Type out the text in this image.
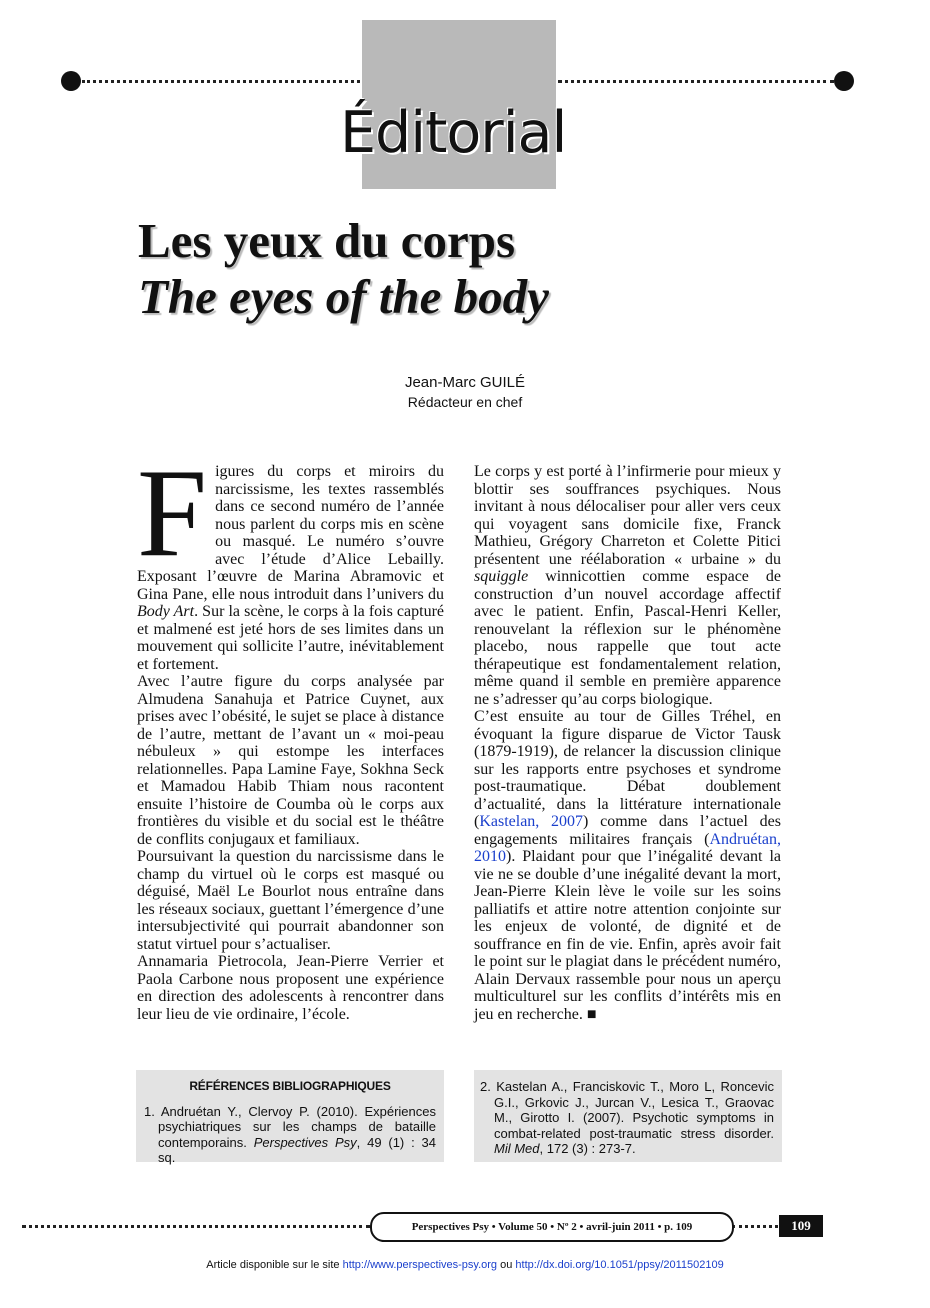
Éditorial
Les yeux du corps
The eyes of the body
Jean-Marc GUILÉ
Rédacteur en chef

Figures du corps et miroirs du narcissisme, les textes rassemblés dans ce second numéro de l’année nous parlent du corps mis en scène ou masqué. Le numéro s’ouvre avec l’étude d’Alice Lebailly. Exposant l’œuvre de Marina Abramovic et Gina Pane, elle nous introduit dans l’univers du Body Art. Sur la scène, le corps à la fois capturé et malmené est jeté hors de ses limites dans un mouvement qui sollicite l’autre, inévitablement et fortement.

Avec l’autre figure du corps analysée par Almudena Sanahuja et Patrice Cuynet, aux prises avec l’obésité, le sujet se place à distance de l’autre, mettant de l’avant un « moi-peau nébuleux » qui estompe les interfaces relationnelles. Papa Lamine Faye, Sokhna Seck et Mamadou Habib Thiam nous racontent ensuite l’histoire de Coumba où le corps aux frontières du visible et du social est le théâtre de conflits conjugaux et familiaux.

Poursuivant la question du narcissisme dans le champ du virtuel où le corps est masqué ou déguisé, Maël Le Bourlot nous entraîne dans les réseaux sociaux, guettant l’émergence d’une intersubjectivité qui pourrait abandonner son statut virtuel pour s’actualiser.

Annamaria Pietrocola, Jean-Pierre Verrier et Paola Carbone nous proposent une expérience en direction des adolescents à rencontrer dans leur lieu de vie ordinaire, l’école.

Le corps y est porté à l’infirmerie pour mieux y blottir ses souffrances psychiques. Nous invitant à nous délocaliser pour aller vers ceux qui voyagent sans domicile fixe, Franck Mathieu, Grégory Charreton et Colette Pitici présentent une réélaboration « urbaine » du squiggle winnicottien comme espace de construction d’un nouvel accordage affectif avec le patient. Enfin, Pascal-Henri Keller, renouvelant la réflexion sur le phénomène placebo, nous rappelle que tout acte thérapeutique est fondamentalement relation, même quand il semble en première apparence ne s’adresser qu’au corps biologique.

C’est ensuite au tour de Gilles Tréhel, en évoquant la figure disparue de Victor Tausk (1879-1919), de relancer la discussion clinique sur les rapports entre psychoses et syndrome post-traumatique. Débat doublement d’actualité, dans la littérature internationale (Kastelan, 2007) comme dans l’actuel des engagements militaires français (Andruétan, 2010). Plaidant pour que l’inégalité devant la vie ne se double d’une inégalité devant la mort, Jean-Pierre Klein lève le voile sur les soins palliatifs et attire notre attention conjointe sur les enjeux de volonté, de dignité et de souffrance en fin de vie. Enfin, après avoir fait le point sur le plagiat dans le précédent numéro, Alain Dervaux rassemble pour nous un aperçu multiculturel sur les conflits d’intérêts mis en jeu en recherche. ■

RÉFÉRENCES BIBLIOGRAPHIQUES
1. Andruétan Y., Clervoy P. (2010). Expériences psychiatriques sur les champs de bataille contemporains. Perspectives Psy, 49 (1) : 34 sq.
2. Kastelan A., Franciskovic T., Moro L, Roncevic G.I., Grkovic J., Jurcan V., Lesica T., Graovac M., Girotto I. (2007). Psychotic symptoms in combat-related post-traumatic stress disorder. Mil Med, 172 (3) : 273-7.
Perspectives Psy • Volume 50 • Nº 2 • avril-juin 2011 • p. 109	109
Article disponible sur le site http://www.perspectives-psy.org ou http://dx.doi.org/10.1051/ppsy/2011502109
